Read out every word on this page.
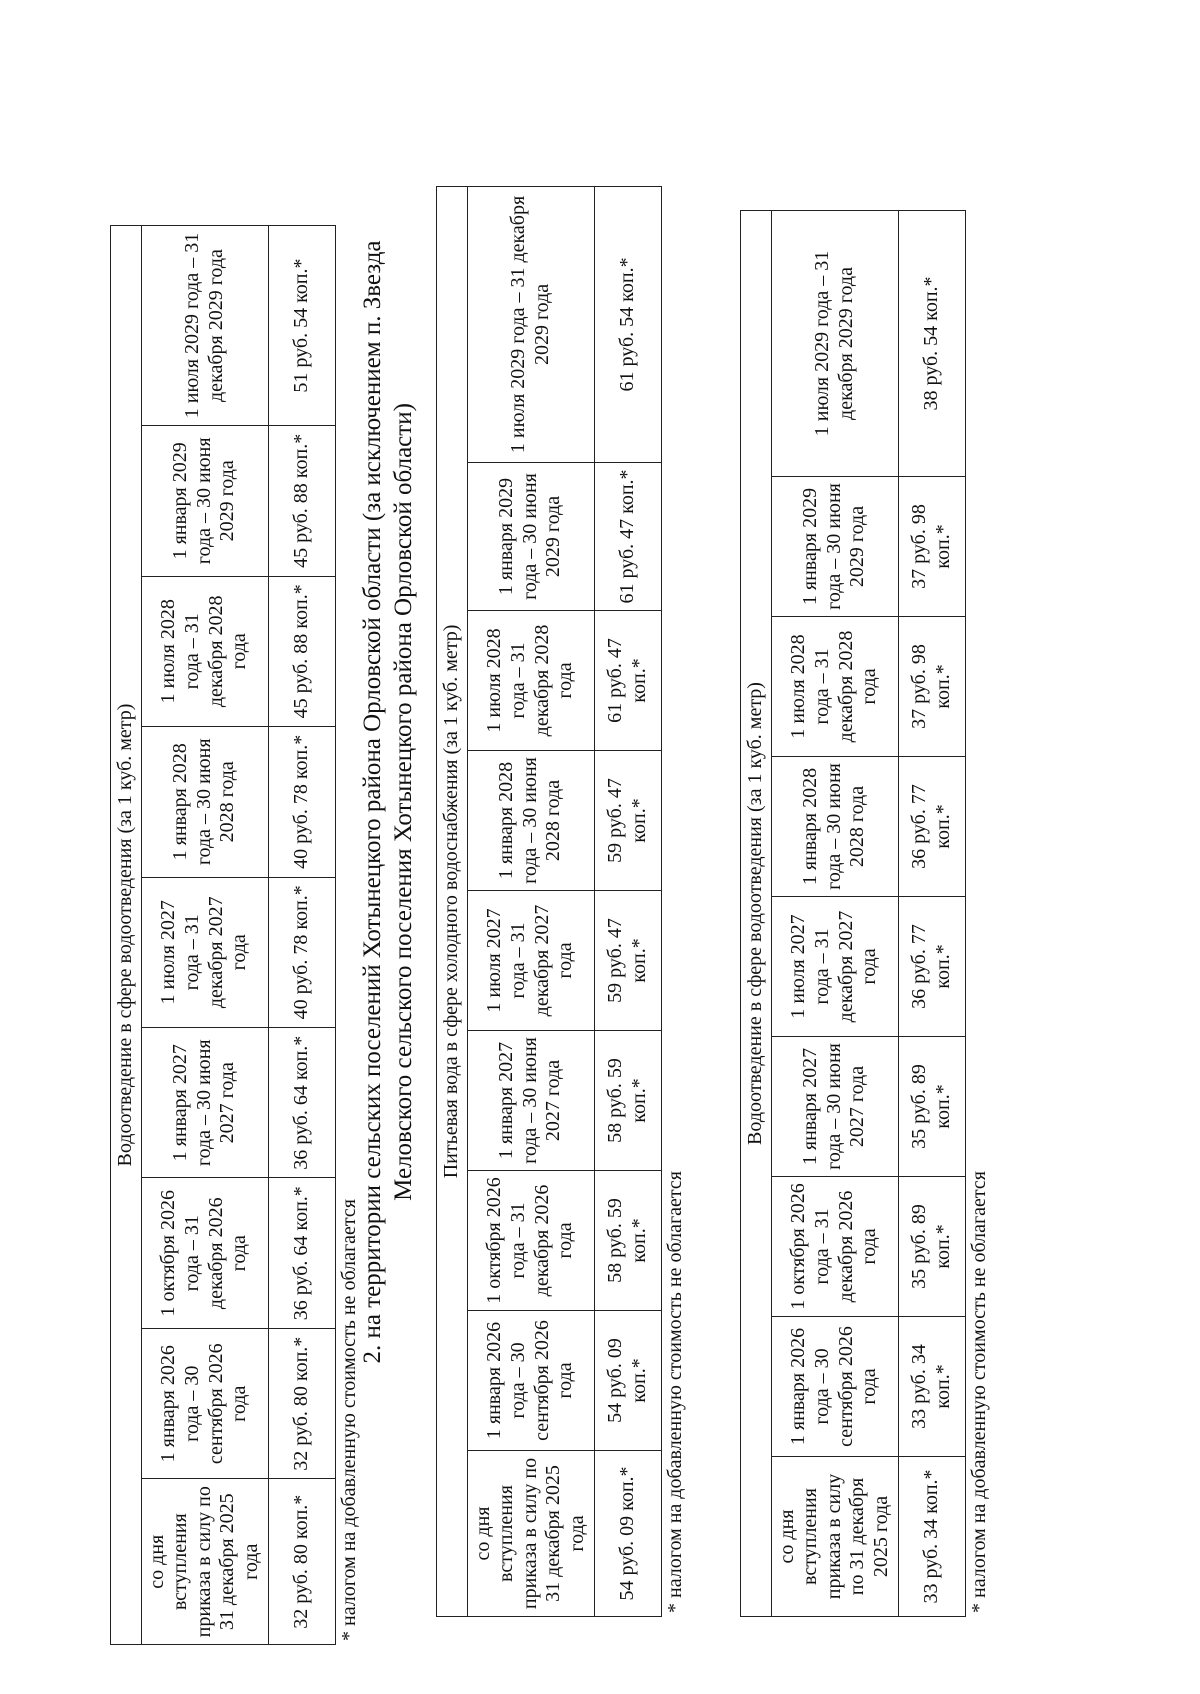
Водоотведение в сфере водоотведения (за 1 куб. метр)								
со дня вступления приказа в силу по 31 декабря 2025 года	1 января 2026 года – 30 сентября 2026 года	1 октября 2026 года – 31 декабря 2026 года	1 января 2027 года – 30 июня 2027 года	1 июля 2027 года – 31 декабря 2027 года	1 января 2028 года – 30 июня 2028 года	1 июля 2028 года – 31 декабря 2028 года	1 января 2029 года – 30 июня 2029 года	1 июля 2029 года – 31 декабря 2029 года
32 руб. 80 коп.*	32 руб. 80 коп.*	36 руб. 64 коп.*	36 руб. 64 коп.*	40 руб. 78 коп.*	40 руб. 78 коп.*	45 руб. 88 коп.*	45 руб. 88 коп.*	51 руб. 54 коп.*
* налогом на добавленную стоимость не облагается
2. на территории сельских поселений Хотынецкого района Орловской области (за исключением п. Звезда Меловского сельского поселения Хотынецкого района Орловской области) Питьевая вода в сфере холодного водоснабжения (за 1 куб. метр)								
со дня вступления приказа в силу по 31 декабря 2025 года	1 января 2026 года – 30 сентября 2026 года	1 октября 2026 года – 31 декабря 2026 года	1 января 2027 года – 30 июня 2027 года	1 июля 2027 года – 31 декабря 2027 года	1 января 2028 года – 30 июня 2028 года	1 июля 2028 года – 31 декабря 2028 года	1 января 2029 года – 30 июня 2029 года	1 июля 2029 года – 31 декабря 2029 года
54 руб. 09 коп.*	54 руб. 09 коп.*	58 руб. 59 коп.*	58 руб. 59 коп.*	59 руб. 47 коп.*	59 руб. 47 коп.*	61 руб. 47 коп.*	61 руб. 47 коп.*	61 руб. 54 коп.*
* налогом на добавленную стоимость не облагается
Водоотведение в сфере водоотведения (за 1 куб. метр)								
со дня вступления приказа в силу по 31 декабря 2025 года	1 января 2026 года – 30 сентября 2026 года	1 октября 2026 года – 31 декабря 2026 года	1 января 2027 года – 30 июня 2027 года	1 июля 2027 года – 31 декабря 2027 года	1 января 2028 года – 30 июня 2028 года	1 июля 2028 года – 31 декабря 2028 года	1 января 2029 года – 30 июня 2029 года	1 июля 2029 года – 31 декабря 2029 года
33 руб. 34 коп.*	33 руб. 34 коп.*	35 руб. 89 коп.*	35 руб. 89 коп.*	36 руб. 77 коп.*	36 руб. 77 коп.*	37 руб. 98 коп.*	37 руб. 98 коп.*	38 руб. 54 коп.*
* налогом на добавленную стоимость не облагается
